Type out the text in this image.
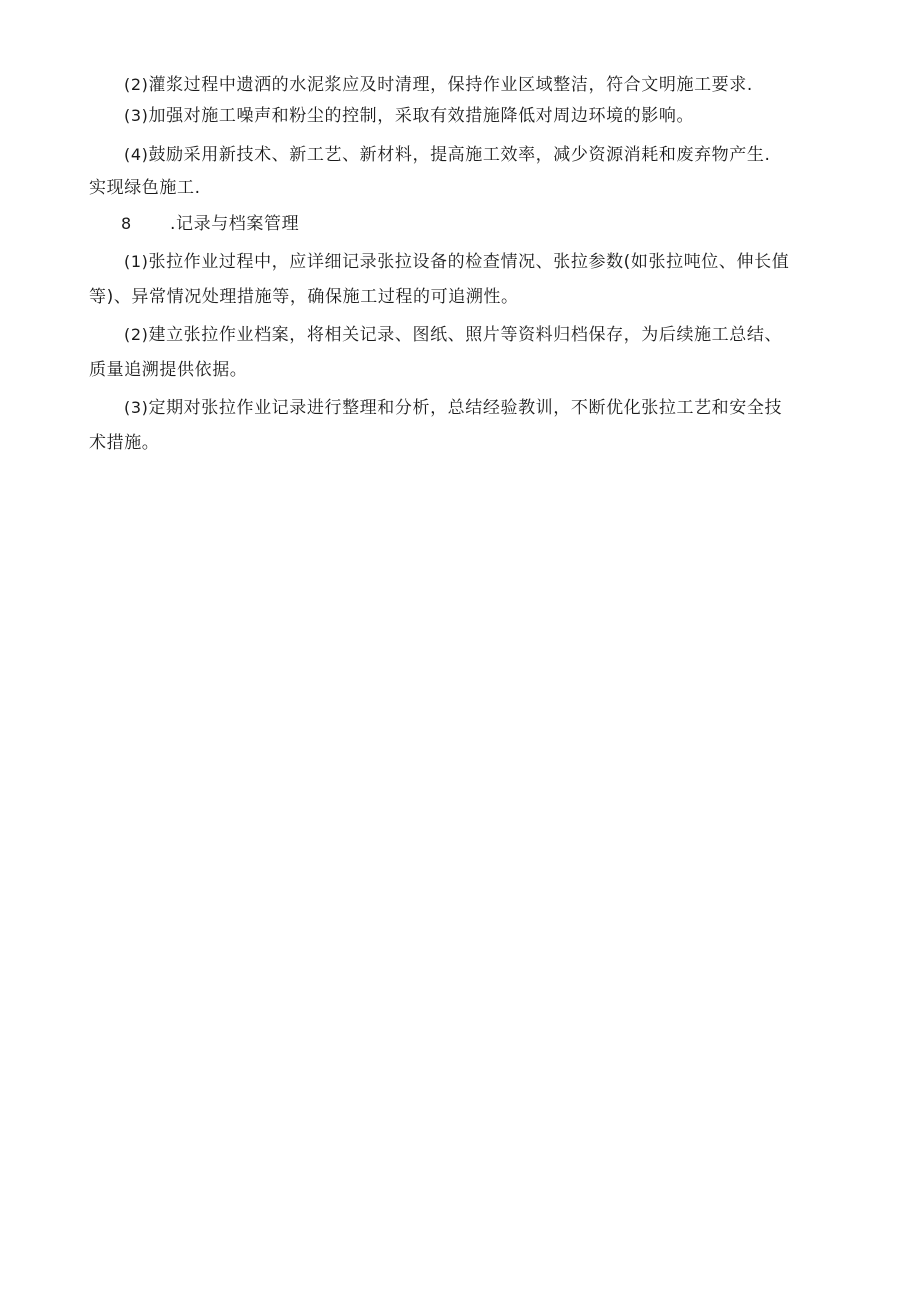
(2)灌浆过程中遗洒的水泥浆应及时清理，保持作业区域整洁，符合文明施工要求.
(3)加强对施工噪声和粉尘的控制，采取有效措施降低对周边环境的影响。
(4)鼓励采用新技术、新工艺、新材料，提高施工效率，减少资源消耗和废弃物产生.
实现绿色施工.
8 .记录与档案管理
(1)张拉作业过程中，应详细记录张拉设备的检查情况、张拉参数(如张拉吨位、伸长值
等)、异常情况处理措施等，确保施工过程的可追溯性。
(2)建立张拉作业档案，将相关记录、图纸、照片等资料归档保存，为后续施工总结、
质量追溯提供依据。
(3)定期对张拉作业记录进行整理和分析，总结经验教训，不断优化张拉工艺和安全技
术措施。
